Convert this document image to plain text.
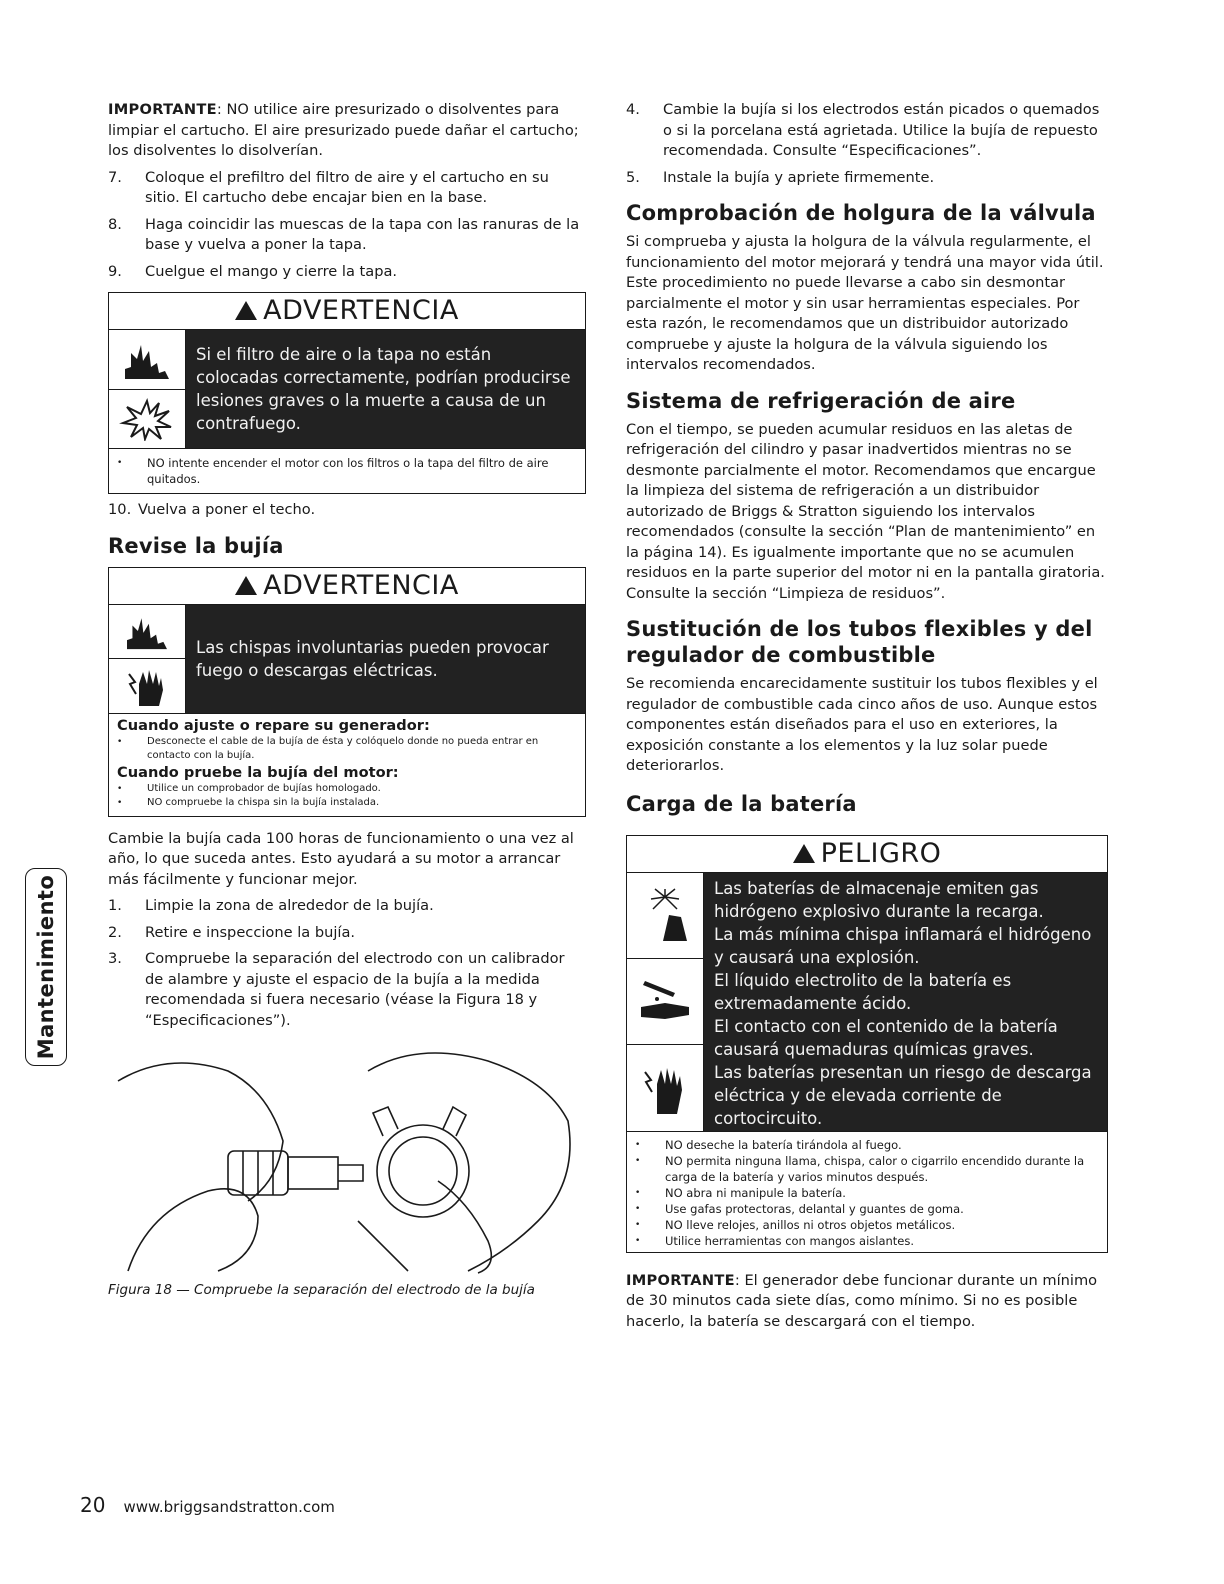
IMPORTANTE: NO utilice aire presurizado o disolventes para limpiar el cartucho. El aire presurizado puede dañar el cartucho; los disolventes lo disolverían.

7. Coloque el prefiltro del filtro de aire y el cartucho en su sitio. El cartucho debe encajar bien en la base.
8. Haga coincidir las muescas de la tapa con las ranuras de la base y vuelva a poner la tapa.
9. Cuelgue el mango y cierre la tapa.
ADVERTENCIA
Si el filtro de aire o la tapa no están colocadas correctamente, podrían producirse lesiones graves o la muerte a causa de un contrafuego.
• NO intente encender el motor con los filtros o la tapa del filtro de aire quitados.
10. Vuelva a poner el techo.
Revise la bujía
ADVERTENCIA
Las chispas involuntarias pueden provocar fuego o descargas eléctricas.
Cuando ajuste o repare su generador:
• Desconecte el cable de la bujía de ésta y colóquelo donde no pueda entrar en contacto con la bujía.
Cuando pruebe la bujía del motor:
• Utilice un comprobador de bujías homologado.
• NO compruebe la chispa sin la bujía instalada.

Cambie la bujía cada 100 horas de funcionamiento o una vez al año, lo que suceda antes. Esto ayudará a su motor a arrancar más fácilmente y funcionar mejor.

1. Limpie la zona de alrededor de la bujía.
2. Retire e inspeccione la bujía.
3. Compruebe la separación del electrodo con un calibrador de alambre y ajuste el espacio de la bujía a la medida recomendada si fuera necesario (véase la Figura 18 y “Especificaciones”).
Figura 18 — Compruebe la separación del electrodo de la bujía
4. Cambie la bujía si los electrodos están picados o quemados o si la porcelana está agrietada. Utilice la bujía de repuesto recomendada. Consulte “Especificaciones”.
5. Instale la bujía y apriete firmemente.
Comprobación de holgura de la válvula

Si comprueba y ajusta la holgura de la válvula regularmente, el funcionamiento del motor mejorará y tendrá una mayor vida útil. Este procedimiento no puede llevarse a cabo sin desmontar parcialmente el motor y sin usar herramientas especiales. Por esta razón, le recomendamos que un distribuidor autorizado compruebe y ajuste la holgura de la válvula siguiendo los intervalos recomendados.

Sistema de refrigeración de aire

Con el tiempo, se pueden acumular residuos en las aletas de refrigeración del cilindro y pasar inadvertidos mientras no se desmonte parcialmente el motor. Recomendamos que encargue la limpieza del sistema de refrigeración a un distribuidor autorizado de Briggs & Stratton siguiendo los intervalos recomendados (consulte la sección “Plan de mantenimiento” en la página 14). Es igualmente importante que no se acumulen residuos en la parte superior del motor ni en la pantalla giratoria. Consulte la sección “Limpieza de residuos”.

Sustitución de los tubos flexibles y del regulador de combustible

Se recomienda encarecidamente sustituir los tubos flexibles y el regulador de combustible cada cinco años de uso. Aunque estos componentes están diseñados para el uso en exteriores, la exposición constante a los elementos y la luz solar puede deteriorarlos.

Carga de la batería
PELIGRO
Las baterías de almacenaje emiten gas hidrógeno explosivo durante la recarga.
La más mínima chispa inflamará el hidrógeno y causará una explosión.
El líquido electrolito de la batería es extremadamente ácido.
El contacto con el contenido de la batería causará quemaduras químicas graves.
Las baterías presentan un riesgo de descarga eléctrica y de elevada corriente de cortocircuito.
• NO deseche la batería tirándola al fuego.
• NO permita ninguna llama, chispa, calor o cigarrilo encendido durante la carga de la batería y varios minutos después.
• NO abra ni manipule la batería.
• Use gafas protectoras, delantal y guantes de goma.
• NO lleve relojes, anillos ni otros objetos metálicos.
• Utilice herramientas con mangos aislantes.

IMPORTANTE: El generador debe funcionar durante un mínimo de 30 minutos cada siete días, como mínimo. Si no es posible hacerlo, la batería se descargará con el tiempo.

Mantenimiento
20 www.briggsandstratton.com
